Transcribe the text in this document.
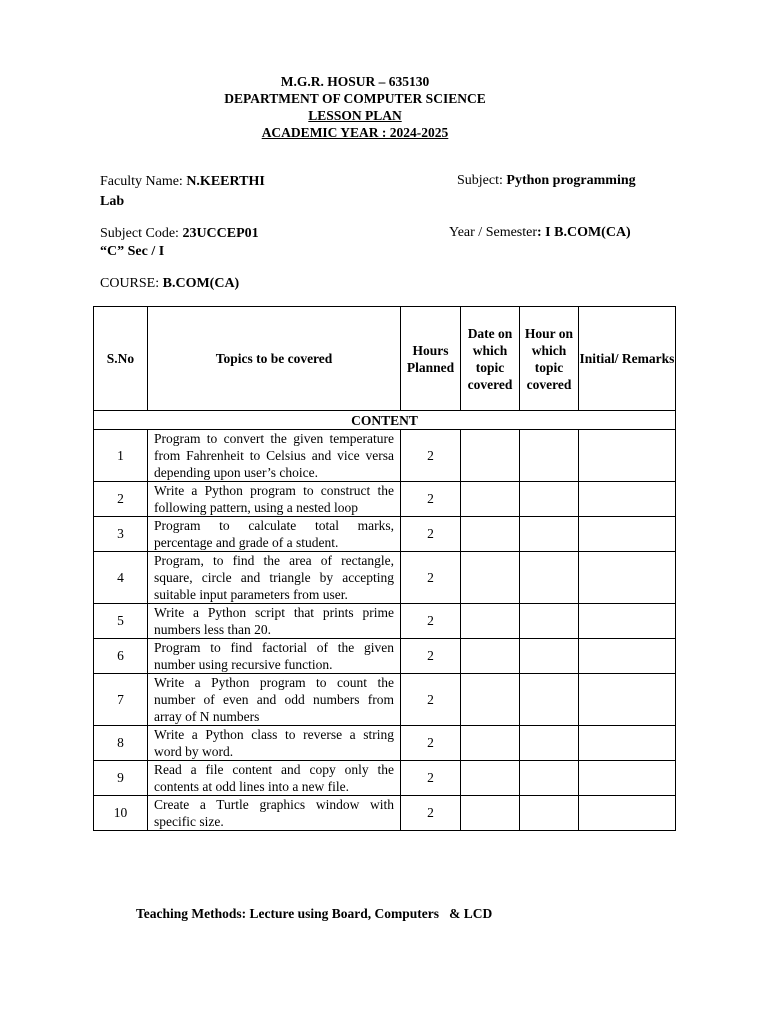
M.G.R. HOSUR – 635130
DEPARTMENT OF COMPUTER SCIENCE
LESSON PLAN
ACADEMIC YEAR : 2024-2025
Faculty Name: N.KEERTHI	Subject: Python programming
Lab
Subject Code: 23UCCEP01	Year / Semester: I B.COM(CA)
“C” Sec / I
COURSE: B.COM(CA)
S.No	Topics to be covered	Hours Planned	Date on which topic covered	Hour on which topic covered	Initial/ Remarks
CONTENT					
1	Program to convert the given temperature from Fahrenheit to Celsius and vice versa depending upon user’s choice.	2			
2	Write a Python program to construct the following pattern, using a nested loop	2			
3	Program to calculate total marks, percentage and grade of a student.	2			
4	Program, to find the area of rectangle, square, circle and triangle by accepting suitable input parameters from user.	2			
5	Write a Python script that prints prime numbers less than 20.	2			
6	Program to find factorial of the given number using recursive function.	2			
7	Write a Python program to count the number of even and odd numbers from array of N numbers	2			
8	Write a Python class to reverse a string word by word.	2			
9	Read a file content and copy only the contents at odd lines into a new file.	2			
10	Create a Turtle graphics window with specific size.	2			
Teaching Methods: Lecture using Board, Computers   & LCD
